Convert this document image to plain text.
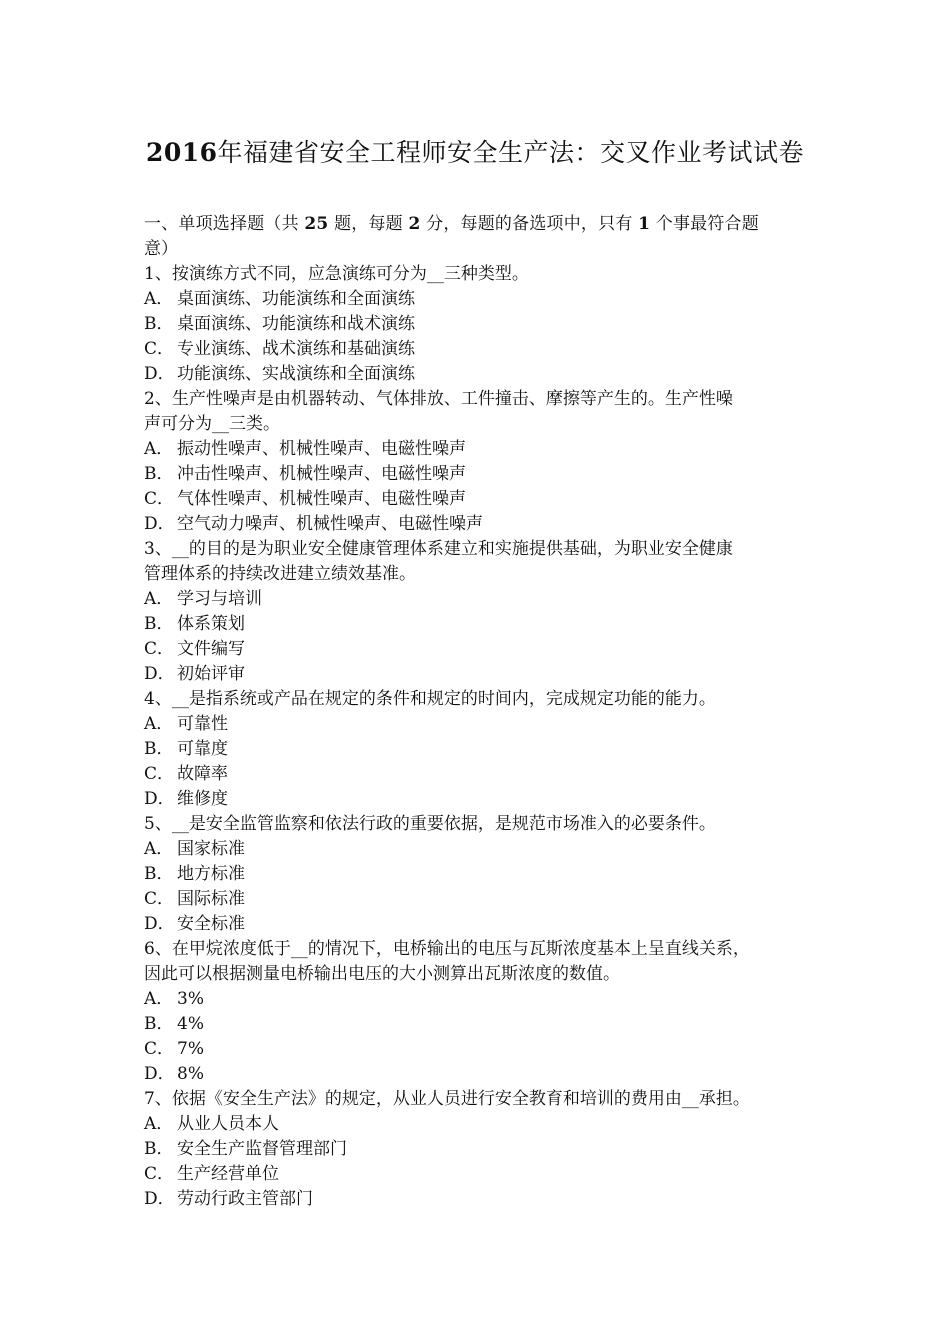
2016年福建省安全工程师安全生产法：交叉作业考试试卷
一、单项选择题（共 25 题，每题 2 分，每题的备选项中，只有 1 个事最符合题
意）
1、按演练方式不同，应急演练可分为__三种类型。
A． 桌面演练、功能演练和全面演练
B． 桌面演练、功能演练和战术演练
C． 专业演练、战术演练和基础演练
D． 功能演练、实战演练和全面演练
2、生产性噪声是由机器转动、气体排放、工件撞击、摩擦等产生的。生产性噪
声可分为__三类。
A． 振动性噪声、机械性噪声、电磁性噪声
B． 冲击性噪声、机械性噪声、电磁性噪声
C． 气体性噪声、机械性噪声、电磁性噪声
D． 空气动力噪声、机械性噪声、电磁性噪声
3、__的目的是为职业安全健康管理体系建立和实施提供基础，为职业安全健康
管理体系的持续改进建立绩效基准。
A． 学习与培训
B． 体系策划
C． 文件编写
D． 初始评审
4、__是指系统或产品在规定的条件和规定的时间内，完成规定功能的能力。
A． 可靠性
B． 可靠度
C． 故障率
D． 维修度
5、__是安全监管监察和依法行政的重要依据，是规范市场准入的必要条件。
A． 国家标准
B． 地方标准
C． 国际标准
D． 安全标准
6、在甲烷浓度低于__的情况下，电桥输出的电压与瓦斯浓度基本上呈直线关系，
因此可以根据测量电桥输出电压的大小测算出瓦斯浓度的数值。
A． 3%
B． 4%
C． 7%
D． 8%
7、依据《安全生产法》的规定，从业人员进行安全教育和培训的费用由__承担。
A． 从业人员本人
B． 安全生产监督管理部门
C． 生产经营单位
D． 劳动行政主管部门
